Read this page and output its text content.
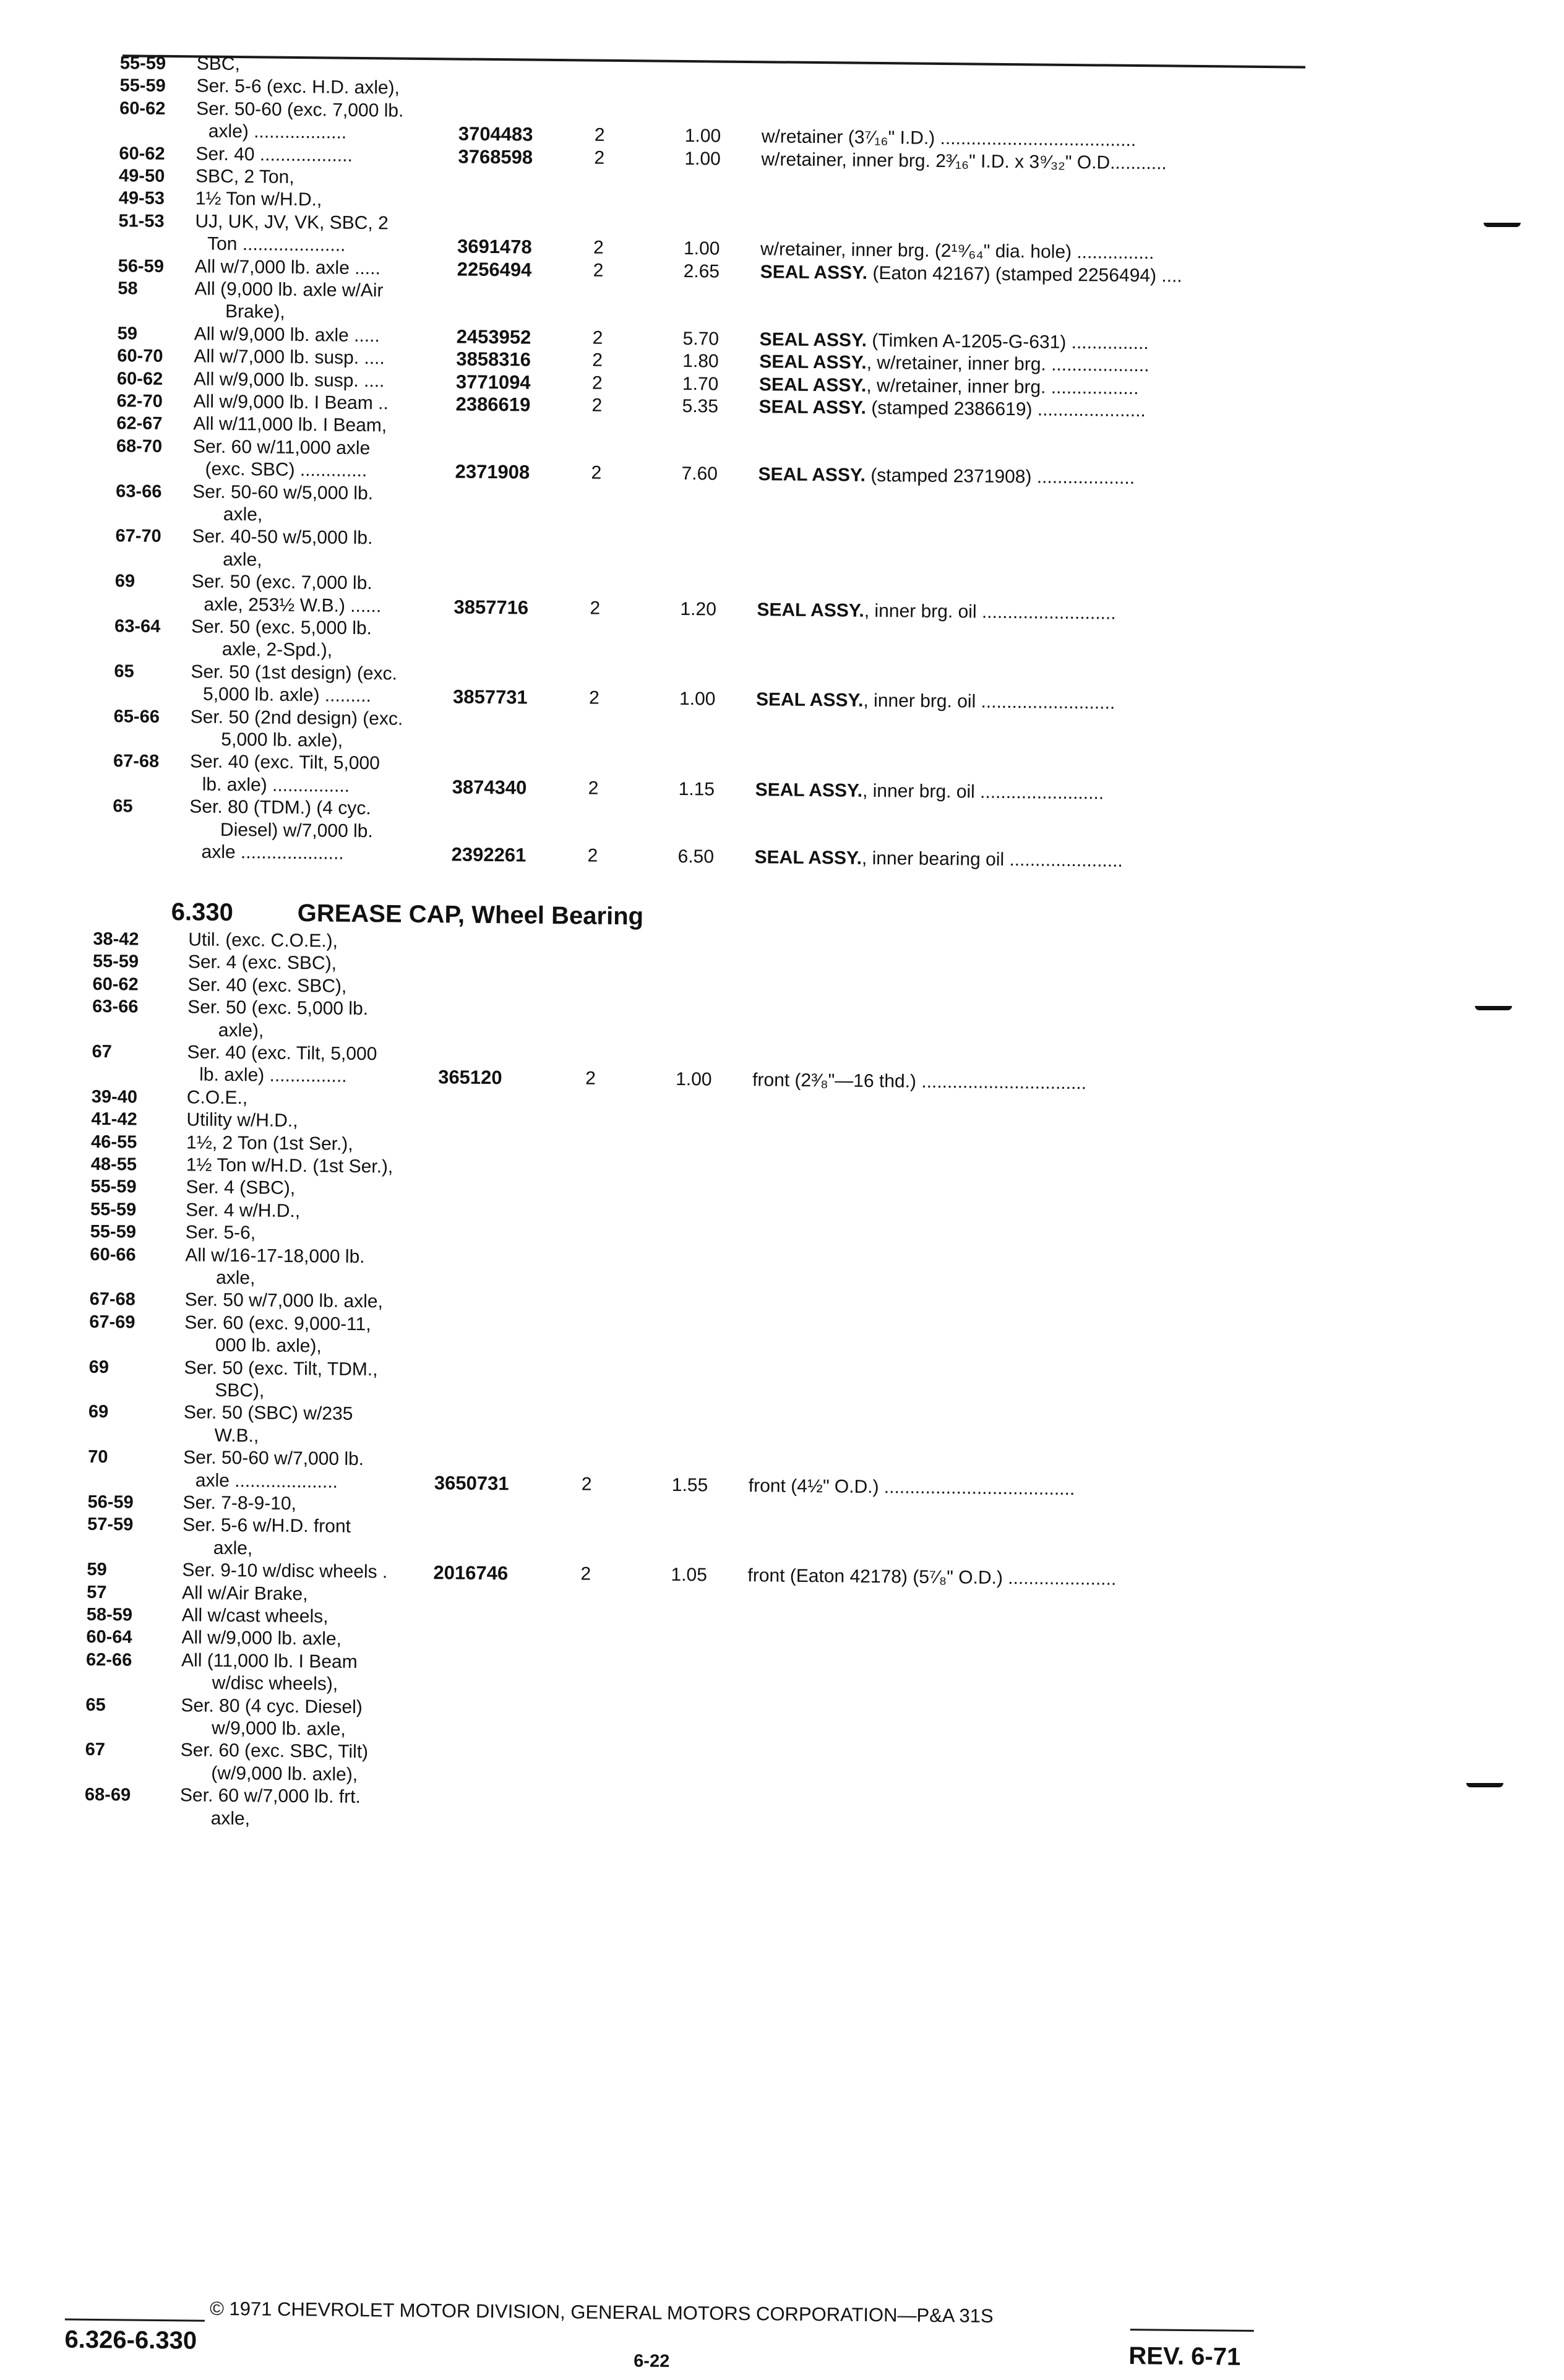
55-59 SBC,
55-59 Ser. 5-6 (exc. H.D. axle),
60-62 Ser. 50-60 (exc. 7,000 lb.
axle) ..................	3704483	2	1.00 w/retainer (3⁷⁄₁₆" I.D.) ......................................
60-62 Ser. 40 ..................	3768598	2	1.00 w/retainer, inner brg. 2³⁄₁₆" I.D. x 3⁹⁄₃₂" O.D...........
49-50 SBC, 2 Ton,
49-53 1½ Ton w/H.D.,
51-53 UJ, UK, JV, VK, SBC, 2
Ton ....................	3691478	2	1.00 w/retainer, inner brg. (2¹⁹⁄₆₄" dia. hole) ...............
56-59 All w/7,000 lb. axle .....	2256494	2	2.65 SEAL ASSY. (Eaton 42167) (stamped 2256494) ....
58	All (9,000 lb. axle w/Air
Brake),
59	All w/9,000 lb. axle .....	2453952	2	5.70 SEAL ASSY. (Timken A-1205-G-631) ...............
60-70 All w/7,000 lb. susp. ....	3858316	2	1.80 SEAL ASSY., w/retainer, inner brg. ...................
60-62 All w/9,000 lb. susp. ....	3771094	2	1.70 SEAL ASSY., w/retainer, inner brg. .................
62-70 All w/9,000 lb. I Beam ..	2386619	2	5.35 SEAL ASSY. (stamped 2386619) .....................
62-67 All w/11,000 lb. I Beam,
68-70 Ser. 60 w/11,000 axle
(exc. SBC) .............	2371908	2	7.60 SEAL ASSY. (stamped 2371908) ...................
63-66 Ser. 50-60 w/5,000 lb.
axle,
67-70 Ser. 40-50 w/5,000 lb.
axle,
69	Ser. 50 (exc. 7,000 lb.
axle, 253½ W.B.) ......	3857716	2	1.20 SEAL ASSY., inner brg. oil ..........................
63-64 Ser. 50 (exc. 5,000 lb.
axle, 2-Spd.),
65	Ser. 50 (1st design) (exc.
5,000 lb. axle) .........	3857731	2	1.00 SEAL ASSY., inner brg. oil ..........................
65-66 Ser. 50 (2nd design) (exc.
5,000 lb. axle),
67-68 Ser. 40 (exc. Tilt, 5,000
lb. axle) ...............	3874340	2	1.15 SEAL ASSY., inner brg. oil ........................
65	Ser. 80 (TDM.) (4 cyc.
Diesel) w/7,000 lb.
axle ....................	2392261	2	6.50 SEAL ASSY., inner bearing oil ......................
6.330	GREASE CAP, Wheel Bearing
38-42	Util. (exc. C.O.E.),
55-59	Ser. 4 (exc. SBC),
60-62	Ser. 40 (exc. SBC),
63-66	Ser. 50 (exc. 5,000 lb.
axle),
67	Ser. 40 (exc. Tilt, 5,000
lb. axle) ...............	365120	2	1.00 front (2³⁄₈"—16 thd.) ................................
39-40	C.O.E.,
41-42	Utility w/H.D.,
46-55	1½, 2 Ton (1st Ser.),
48-55	1½ Ton w/H.D. (1st Ser.),
55-59	Ser. 4 (SBC),
55-59	Ser. 4 w/H.D.,
55-59	Ser. 5-6,
60-66	All w/16-17-18,000 lb.
axle,
67-68	Ser. 50 w/7,000 lb. axle,
67-69	Ser. 60 (exc. 9,000-11,
000 lb. axle),
69	Ser. 50 (exc. Tilt, TDM.,
SBC),
69	Ser. 50 (SBC) w/235
W.B.,
70	Ser. 50-60 w/7,000 lb.
axle ....................	3650731	2	1.55 front (4½" O.D.) .....................................
56-59	Ser. 7-8-9-10,
57-59	Ser. 5-6 w/H.D. front
axle,
59	Ser. 9-10 w/disc wheels . 2016746	2	1.05 front (Eaton 42178) (5⁷⁄₈" O.D.) .....................
57	All w/Air Brake,
58-59	All w/cast wheels,
60-64	All w/9,000 lb. axle,
62-66	All (11,000 lb. I Beam
w/disc wheels),
65	Ser. 80 (4 cyc. Diesel)
w/9,000 lb. axle,
67	Ser. 60 (exc. SBC, Tilt)
(w/9,000 lb. axle),
68-69	Ser. 60 w/7,000 lb. frt.
axle,
© 1971 CHEVROLET MOTOR DIVISION, GENERAL MOTORS CORPORATION—P&A 31S
6.326-6.330
6-22	REV. 6-71
